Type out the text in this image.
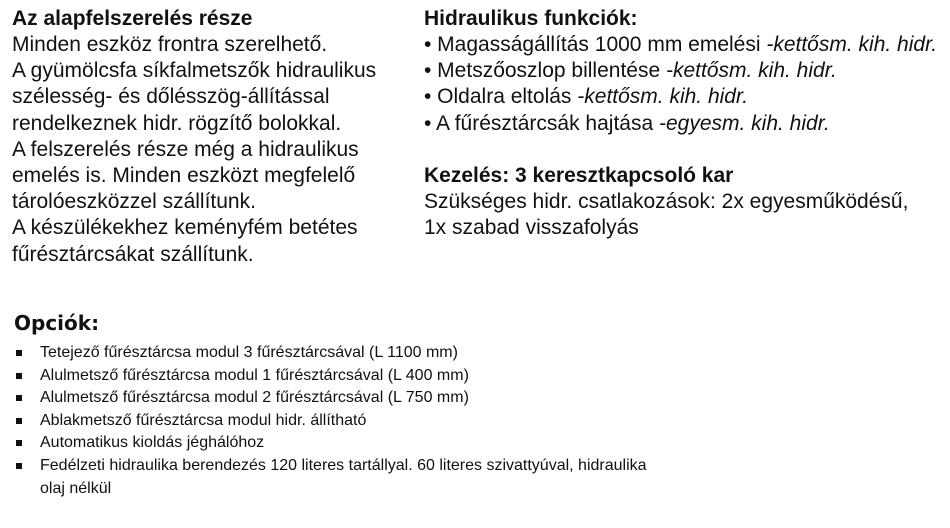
Az alapfelszerelés része

Minden eszköz frontra szerelhető.

A gyümölcsfa síkfalmetszők hidraulikus

szélesség- és dőlésszög-állítással

rendelkeznek hidr. rögzítő bolokkal.

A felszerelés része még a hidraulikus

emelés is. Minden eszközt megfelelő

tárolóeszközzel szállítunk.

A készülékekhez keményfém betétes

fűrésztárcsákat szállítunk.

Hidraulikus funkciók:

• Magasságállítás 1000 mm emelési -kettősm. kih. hidr.

• Metszőoszlop billentése -kettősm. kih. hidr.

• Oldalra eltolás -kettősm. kih. hidr.

• A fűrésztárcsák hajtása -egyesm. kih. hidr.

Kezelés: 3 keresztkapcsoló kar

Szükséges hidr. csatlakozások: 2x egyesműködésű,

1x szabad visszafolyás

Opciók:

Tetejező fűrésztárcsa modul 3 fűrésztárcsával (L 1100 mm)
Alulmetsző fűrésztárcsa modul 1 fűrésztárcsával (L 400 mm)
Alulmetsző fűrésztárcsa modul 2 fűrésztárcsával (L 750 mm)
Ablakmetsző fűrésztárcsa modul hidr. állítható
Automatikus kioldás jéghálóhoz
Fedélzeti hidraulika berendezés 120 literes tartállyal. 60 literes szivattyúval, hidraulika
olaj nélkül
